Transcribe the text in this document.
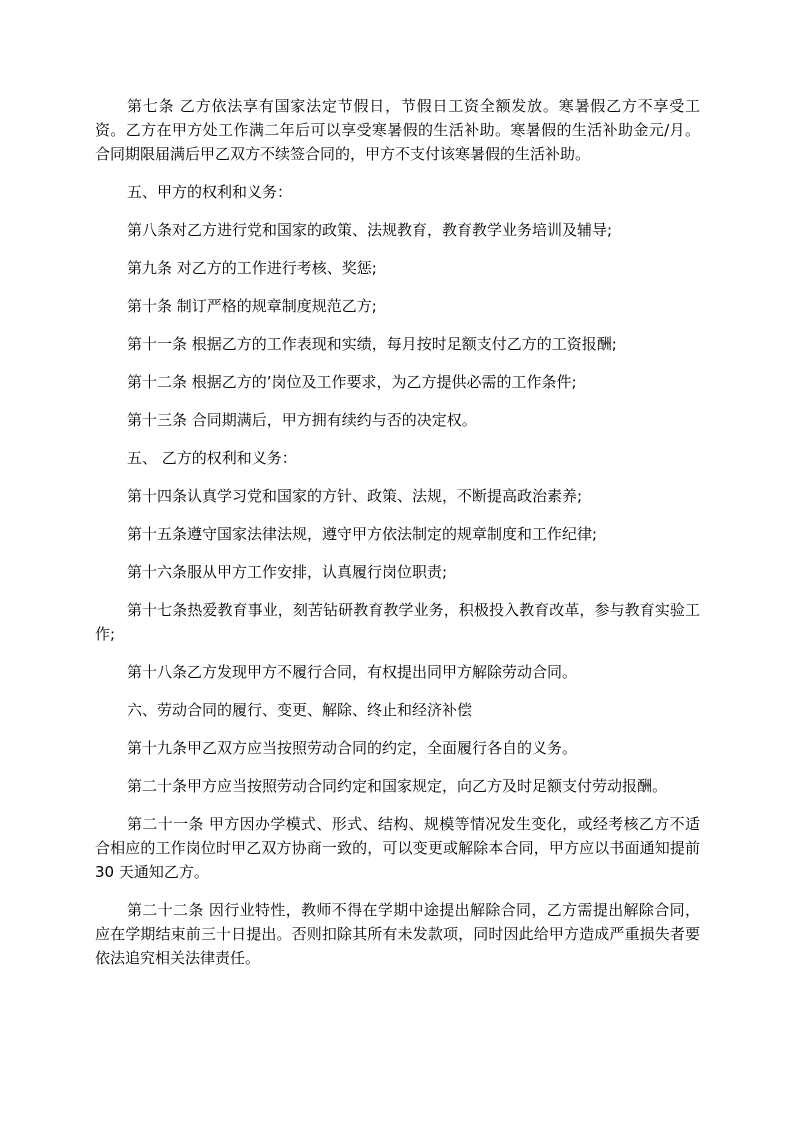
第七条 乙方依法享有国家法定节假日，节假日工资全额发放。寒暑假乙方不享受工资。乙方在甲方处工作满二年后可以享受寒暑假的生活补助。寒暑假的生活补助金元/月。合同期限届满后甲乙双方不续签合同的，甲方不支付该寒暑假的生活补助。

五、甲方的权利和义务：

第八条对乙方进行党和国家的政策、法规教育，教育教学业务培训及辅导;

第九条 对乙方的工作进行考核、奖惩;

第十条 制订严格的规章制度规范乙方;

第十一条 根据乙方的工作表现和实绩，每月按时足额支付乙方的工资报酬;

第十二条 根据乙方的’岗位及工作要求，为乙方提供必需的工作条件;

第十三条 合同期满后，甲方拥有续约与否的决定权。

五、 乙方的权利和义务：

第十四条认真学习党和国家的方针、政策、法规，不断提高政治素养;

第十五条遵守国家法律法规，遵守甲方依法制定的规章制度和工作纪律;

第十六条服从甲方工作安排，认真履行岗位职责;

第十七条热爱教育事业，刻苦钻研教育教学业务，积极投入教育改革，参与教育实验工作;

第十八条乙方发现甲方不履行合同，有权提出同甲方解除劳动合同。

六、劳动合同的履行、变更、解除、终止和经济补偿

第十九条甲乙双方应当按照劳动合同的约定，全面履行各自的义务。

第二十条甲方应当按照劳动合同约定和国家规定，向乙方及时足额支付劳动报酬。

第二十一条 甲方因办学模式、形式、结构、规模等情况发生变化，或经考核乙方不适合相应的工作岗位时甲乙双方协商一致的，可以变更或解除本合同，甲方应以书面通知提前 30 天通知乙方。

第二十二条 因行业特性，教师不得在学期中途提出解除合同，乙方需提出解除合同，应在学期结束前三十日提出。否则扣除其所有未发款项，同时因此给甲方造成严重损失者要依法追究相关法律责任。
